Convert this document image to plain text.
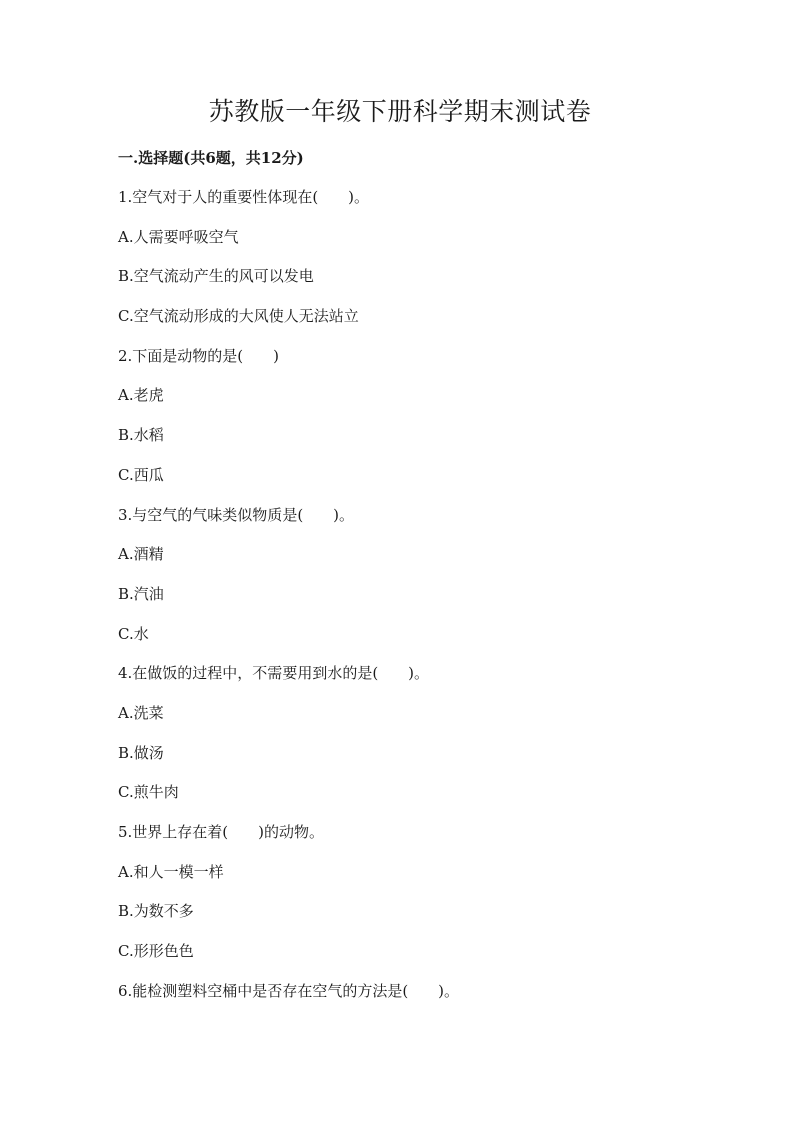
苏教版一年级下册科学期末测试卷
一.选择题(共6题，共12分)
1.空气对于人的重要性体现在(　　)。
A.人需要呼吸空气
B.空气流动产生的风可以发电
C.空气流动形成的大风使人无法站立
2.下面是动物的是(　　)
A.老虎
B.水稻
C.西瓜
3.与空气的气味类似物质是(　　)。
A.酒精
B.汽油
C.水
4.在做饭的过程中，不需要用到水的是(　　)。
A.洗菜
B.做汤
C.煎牛肉
5.世界上存在着(　　)的动物。
A.和人一模一样
B.为数不多
C.形形色色
6.能检测塑料空桶中是否存在空气的方法是(　　)。
